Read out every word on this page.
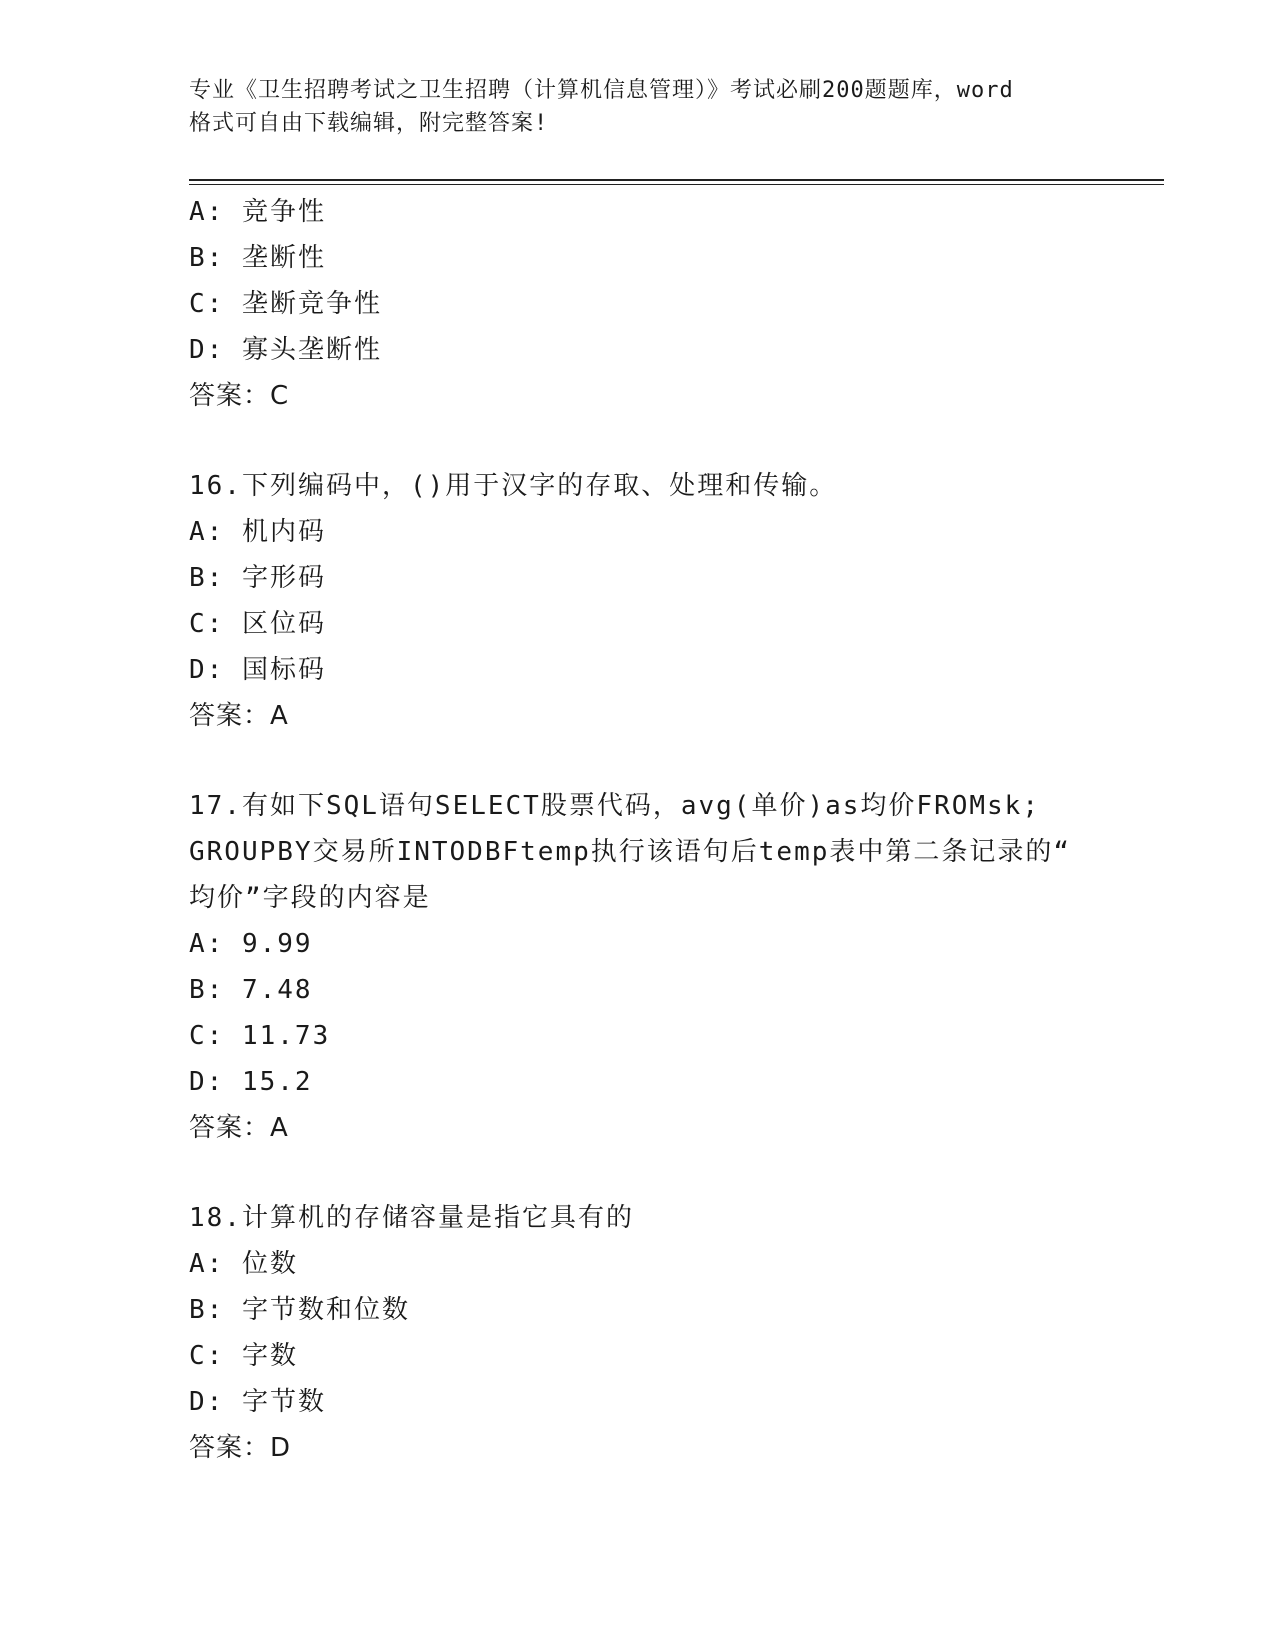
专业《卫生招聘考试之卫生招聘（计算机信息管理）》考试必刷200题题库，word
格式可自由下载编辑，附完整答案!
A: 竞争性
B: 垄断性
C: 垄断竞争性
D: 寡头垄断性
答案：C
16.下列编码中，()用于汉字的存取、处理和传输。
A: 机内码
B: 字形码
C: 区位码
D: 国标码
答案：A
17.有如下SQL语句SELECT股票代码，avg(单价)as均价FROMsk;
GROUPBY交易所INTODBFtemp执行该语句后temp表中第二条记录的“
均价”字段的内容是
A: 9.99
B: 7.48
C: 11.73
D: 15.2
答案：A
18.计算机的存储容量是指它具有的
A: 位数
B: 字节数和位数
C: 字数
D: 字节数
答案：D
